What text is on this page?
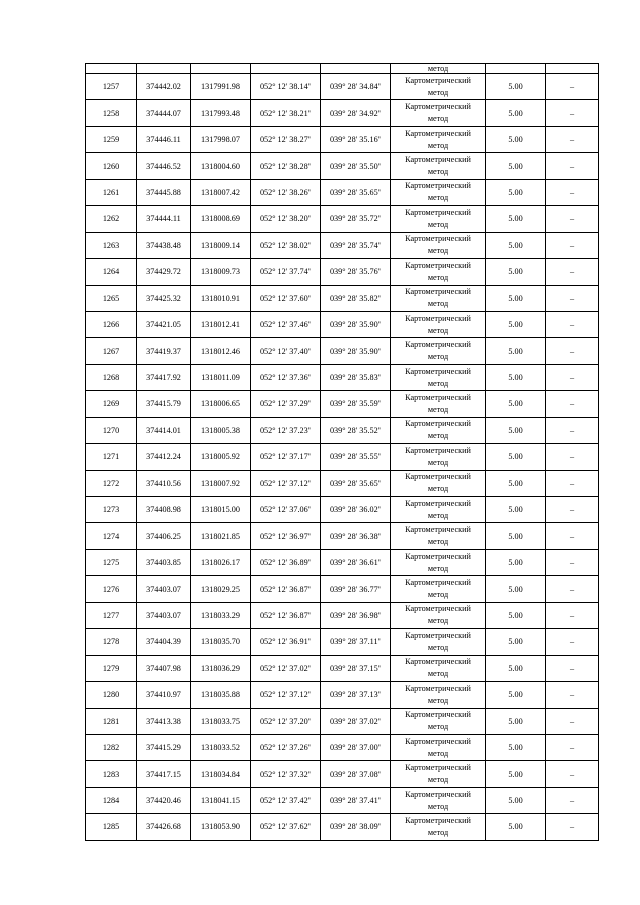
					метод		
1257	374442.02	1317991.98	052° 12' 38.14"	039° 28' 34.84"	Картометрический
метод	5.00	–
1258	374444.07	1317993.48	052° 12' 38.21"	039° 28' 34.92"	Картометрический
метод	5.00	–
1259	374446.11	1317998.07	052° 12' 38.27"	039° 28' 35.16"	Картометрический
метод	5.00	–
1260	374446.52	1318004.60	052° 12' 38.28"	039° 28' 35.50"	Картометрический
метод	5.00	–
1261	374445.88	1318007.42	052° 12' 38.26"	039° 28' 35.65"	Картометрический
метод	5.00	–
1262	374444.11	1318008.69	052° 12' 38.20"	039° 28' 35.72"	Картометрический
метод	5.00	–
1263	374438.48	1318009.14	052° 12' 38.02"	039° 28' 35.74"	Картометрический
метод	5.00	–
1264	374429.72	1318009.73	052° 12' 37.74"	039° 28' 35.76"	Картометрический
метод	5.00	–
1265	374425.32	1318010.91	052° 12' 37.60"	039° 28' 35.82"	Картометрический
метод	5.00	–
1266	374421.05	1318012.41	052° 12' 37.46"	039° 28' 35.90"	Картометрический
метод	5.00	–
1267	374419.37	1318012.46	052° 12' 37.40"	039° 28' 35.90"	Картометрический
метод	5.00	–
1268	374417.92	1318011.09	052° 12' 37.36"	039° 28' 35.83"	Картометрический
метод	5.00	–
1269	374415.79	1318006.65	052° 12' 37.29"	039° 28' 35.59"	Картометрический
метод	5.00	–
1270	374414.01	1318005.38	052° 12' 37.23"	039° 28' 35.52"	Картометрический
метод	5.00	–
1271	374412.24	1318005.92	052° 12' 37.17"	039° 28' 35.55"	Картометрический
метод	5.00	–
1272	374410.56	1318007.92	052° 12' 37.12"	039° 28' 35.65"	Картометрический
метод	5.00	–
1273	374408.98	1318015.00	052° 12' 37.06"	039° 28' 36.02"	Картометрический
метод	5.00	–
1274	374406.25	1318021.85	052° 12' 36.97"	039° 28' 36.38"	Картометрический
метод	5.00	–
1275	374403.85	1318026.17	052° 12' 36.89"	039° 28' 36.61"	Картометрический
метод	5.00	–
1276	374403.07	1318029.25	052° 12' 36.87"	039° 28' 36.77"	Картометрический
метод	5.00	–
1277	374403.07	1318033.29	052° 12' 36.87"	039° 28' 36.98"	Картометрический
метод	5.00	–
1278	374404.39	1318035.70	052° 12' 36.91"	039° 28' 37.11"	Картометрический
метод	5.00	–
1279	374407.98	1318036.29	052° 12' 37.02"	039° 28' 37.15"	Картометрический
метод	5.00	–
1280	374410.97	1318035.88	052° 12' 37.12"	039° 28' 37.13"	Картометрический
метод	5.00	–
1281	374413.38	1318033.75	052° 12' 37.20"	039° 28' 37.02"	Картометрический
метод	5.00	–
1282	374415.29	1318033.52	052° 12' 37.26"	039° 28' 37.00"	Картометрический
метод	5.00	–
1283	374417.15	1318034.84	052° 12' 37.32"	039° 28' 37.08"	Картометрический
метод	5.00	–
1284	374420.46	1318041.15	052° 12' 37.42"	039° 28' 37.41"	Картометрический
метод	5.00	–
1285	374426.68	1318053.90	052° 12' 37.62"	039° 28' 38.09"	Картометрический
метод	5.00	–
